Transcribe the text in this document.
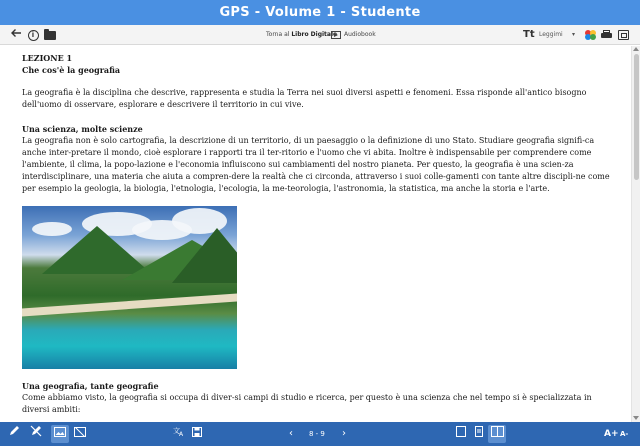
GPS - Volume 1 - Studente
i	Torna al Libro Digitale	Audiobook	Tt Leggimi ▾
LEZIONE 1
Che cos'è la geografia
La geografia è la disciplina che descrive, rappresenta e studia la Terra nei suoi diversi aspetti e fenomeni. Essa risponde all'antico bisogno dell'uomo di osservare, esplorare e descrivere il territorio in cui vive.
Una scienza, molte scienze
La geografia non è solo cartografia, la descrizione di un territorio, di un paesaggio o la definizione di uno Stato. Studiare geografia signifi-ca anche inter-pretare il mondo, cioè esplorare i rapporti tra il ter-ritorio e l'uomo che vi abita. Inoltre è indispensabile per comprendere come l'ambiente, il clima, la popo-lazione e l'economia influiscono sui cambiamenti del nostro pianeta. Per questo, la geografia è una scien-za interdisciplinare, una materia che aiuta a compren-dere la realtà che ci circonda, attraverso i suoi colle-gamenti con tante altre discipli-ne come per esempio la geologia, la biologia, l'etnologia, l'ecologia, la me-teorologia, l'astronomia, la statistica, ma anche la storia e l'arte.
Una geografia, tante geografie
Come abbiamo visto, la geografia si occupa di diver-si campi di studio e ricerca, per questo è una scienza che nel tempo si è specializzata in diversi ambiti:
文 A	‹ 8 - 9 ›	A+ A-
